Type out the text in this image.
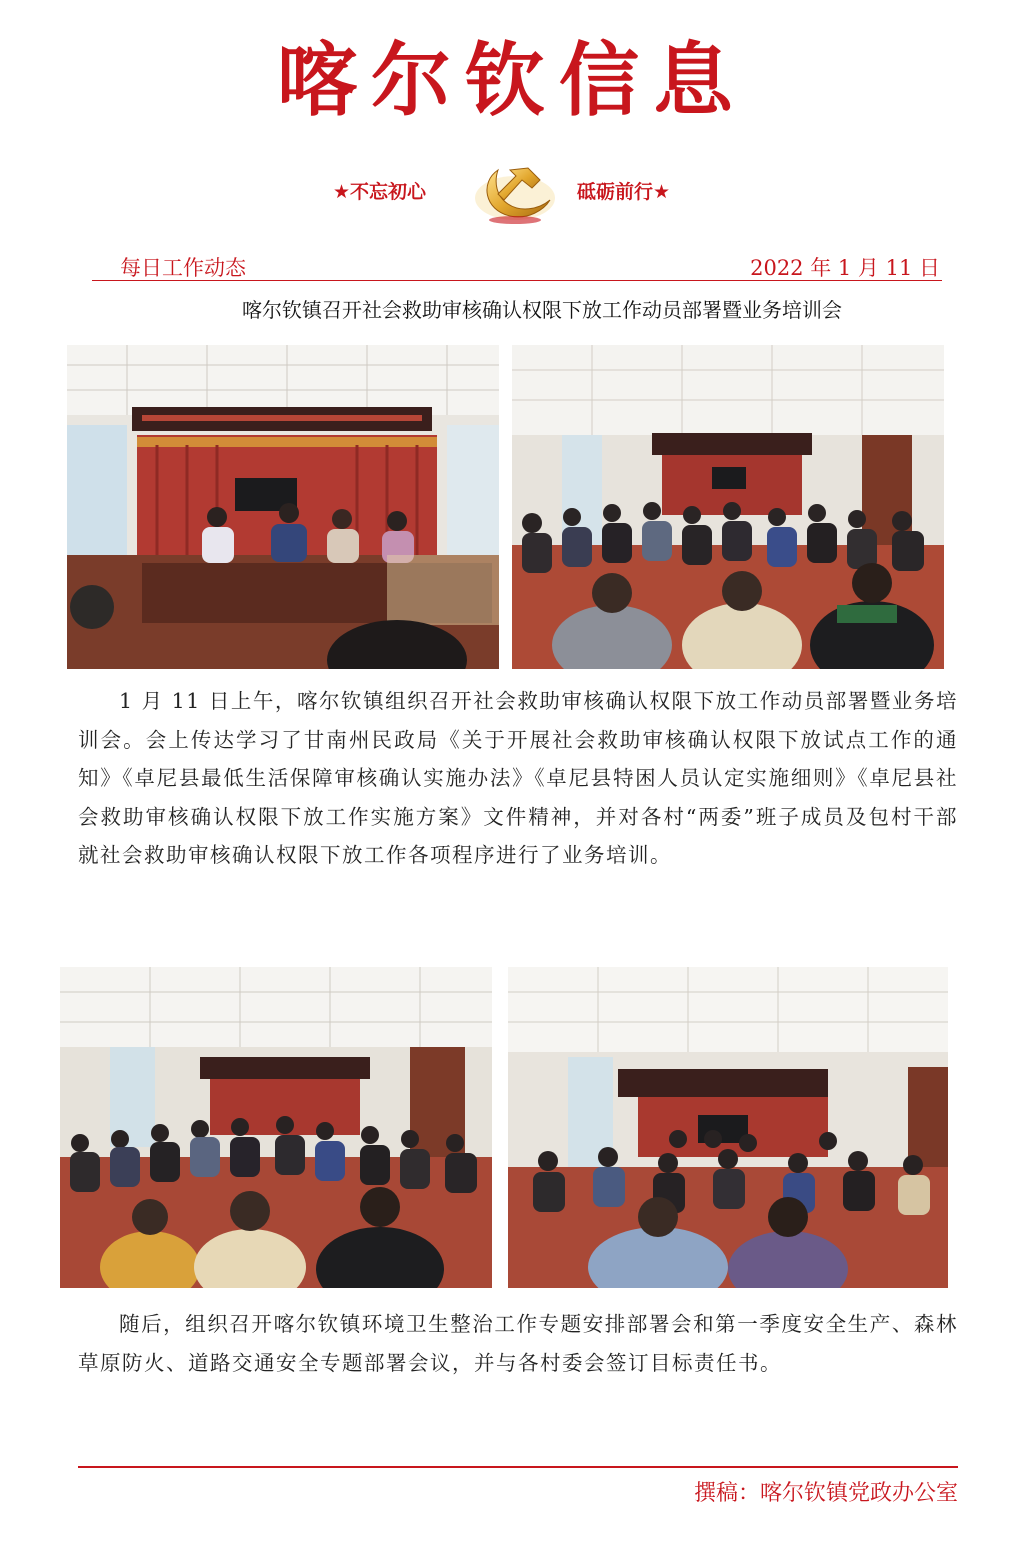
喀尔钦信息
★不忘初心	砥砺前行★
每日工作动态	2022 年 1 月 11 日
喀尔钦镇召开社会救助审核确认权限下放工作动员部署暨业务培训会

1 月 11 日上午，喀尔钦镇组织召开社会救助审核确认权限下放工作动员部署暨业务培训会。会上传达学习了甘南州民政局《关于开展社会救助审核确认权限下放试点工作的通知》《卓尼县最低生活保障审核确认实施办法》《卓尼县特困人员认定实施细则》《卓尼县社会救助审核确认权限下放工作实施方案》文件精神，并对各村“两委”班子成员及包村干部就社会救助审核确认权限下放工作各项程序进行了业务培训。

随后，组织召开喀尔钦镇环境卫生整治工作专题安排部署会和第一季度安全生产、森林草原防火、道路交通安全专题部署会议，并与各村委会签订目标责任书。

撰稿：喀尔钦镇党政办公室
